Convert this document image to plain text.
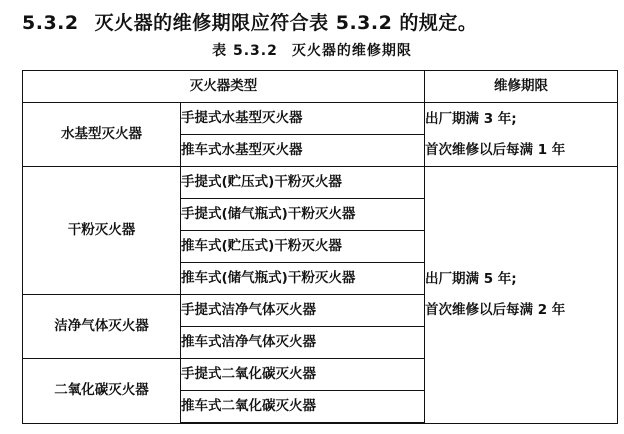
5.3.2 灭火器的维修期限应符合表 5.3.2 的规定。
表 5.3.2 灭火器的维修期限
灭火器类型		维修期限
水基型灭火器	手提式水基型灭火器	出厂期满 3 年;
首次维修以后每满 1 年

	推车式水基型灭火器	
干粉灭火器	手提式(贮压式)干粉灭火器	出厂期满 5 年;
首次维修以后每满 2 年

	手提式(储气瓶式)干粉灭火器	
	推车式(贮压式)干粉灭火器	
	推车式(储气瓶式)干粉灭火器	
洁净气体灭火器	手提式洁净气体灭火器	
	推车式洁净气体灭火器	
二氧化碳灭火器	手提式二氧化碳灭火器	
	推车式二氧化碳灭火器	
